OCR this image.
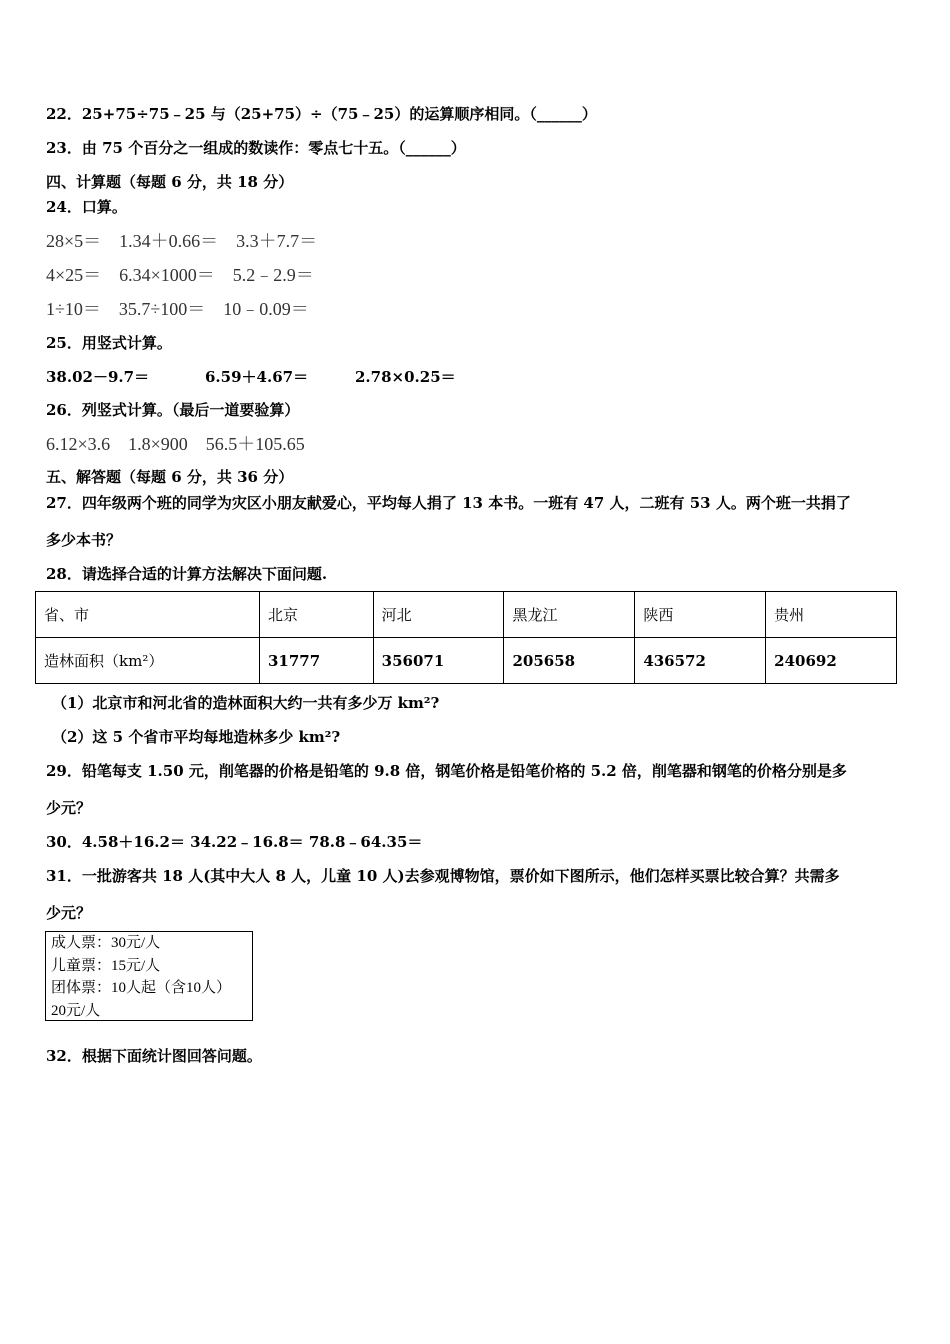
22．25+75÷75﹣25 与（25+75）÷（75﹣25）的运算顺序相同。（______）
23．由 75 个百分之一组成的数读作：零点七十五。（______）
四、计算题（每题 6 分，共 18 分）
24．口算。
28×5＝    1.34＋0.66＝    3.3＋7.7＝
4×25＝    6.34×1000＝    5.2﹣2.9＝
1÷10＝    35.7÷100＝    10﹣0.09＝
25．用竖式计算。
38.02－9.7＝	6.59＋4.67＝	2.78×0.25＝
26．列竖式计算。（最后一道要验算）
6.12×3.6    1.8×900    56.5＋105.65
五、解答题（每题 6 分，共 36 分）
27．四年级两个班的同学为灾区小朋友献爱心，平均每人捐了 13 本书。一班有 47 人，二班有 53 人。两个班一共捐了
多少本书？
28．请选择合适的计算方法解决下面问题.
省、市	北京	河北	黑龙江	陕西	贵州
造林面积（km²）	31777	356071	205658	436572	240692
（1）北京市和河北省的造林面积大约一共有多少万 km²?
（2）这 5 个省市平均每地造林多少 km²?
29．铅笔每支 1.50 元，削笔器的价格是铅笔的 9.8 倍，钢笔价格是铅笔价格的 5.2 倍，削笔器和钢笔的价格分别是多
少元？
30．4.58＋16.2＝ 34.22﹣16.8＝ 78.8﹣64.35＝
31．一批游客共 18 人(其中大人 8 人，儿童 10 人)去参观博物馆，票价如下图所示，他们怎样买票比较合算？共需多
少元？
成人票：30元/人
儿童票：15元/人
团体票：10人起（含10人）
20元/人
32．根据下面统计图回答问题。
